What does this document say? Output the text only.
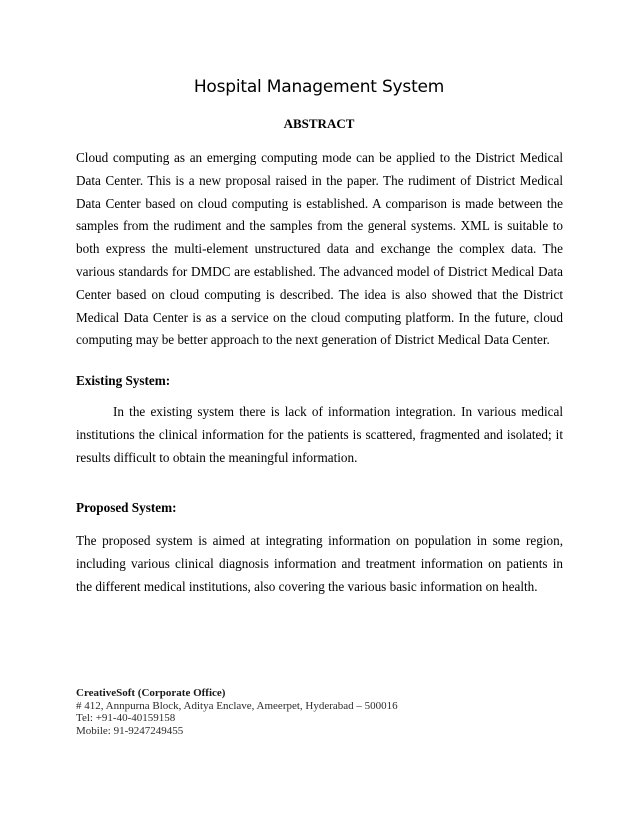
Hospital Management System
ABSTRACT

Cloud computing as an emerging computing mode can be applied to the District Medical Data Center. This is a new proposal raised in the paper. The rudiment of District Medical Data Center based on cloud computing is established. A comparison is made between the samples from the rudiment and the samples from the general systems. XML is suitable to both express the multi-element unstructured data and exchange the complex data. The various standards for DMDC are established. The advanced model of District Medical Data Center based on cloud computing is described. The idea is also showed that the District Medical Data Center is as a service on the cloud computing platform. In the future, cloud computing may be better approach to the next generation of District Medical Data Center.

Existing System:

In the existing system there is lack of information integration. In various medical institutions the clinical information for the patients is scattered, fragmented and isolated; it results difficult to obtain the meaningful information.

Proposed System:

The proposed system is aimed at integrating information on population in some region, including various clinical diagnosis information and treatment information on patients in the different medical institutions, also covering the various basic information on health.

CreativeSoft (Corporate Office)
# 412, Annpurna Block, Aditya Enclave, Ameerpet, Hyderabad – 500016
Tel: +91-40-40159158
Mobile: 91-9247249455
